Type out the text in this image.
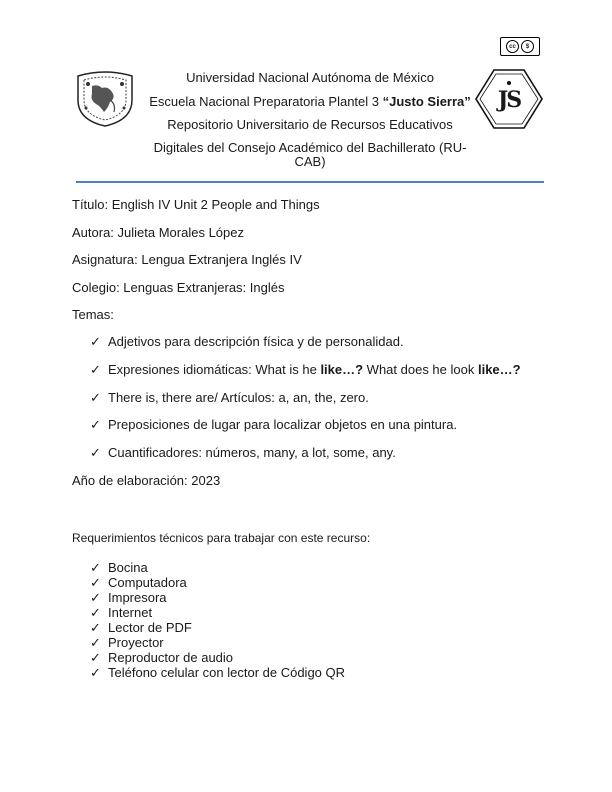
cc	$
JS
Universidad Nacional Autónoma de México
Escuela Nacional Preparatoria Plantel 3 “Justo Sierra”
Repositorio Universitario de Recursos Educativos
Digitales del Consejo Académico del Bachillerato (RU-
CAB)
Título: English IV Unit 2 People and Things
Autora: Julieta Morales López
Asignatura: Lengua Extranjera Inglés IV
Colegio: Lenguas Extranjeras: Inglés
Temas:
✓ Adjetivos para descripción física y de personalidad.
✓ Expresiones idiomáticas: What is he like…? What does he look like…?
✓ There is, there are/ Artículos: a, an, the, zero.
✓ Preposiciones de lugar para localizar objetos en una pintura.
✓ Cuantificadores: números, many, a lot, some, any.
Año de elaboración: 2023
Requerimientos técnicos para trabajar con este recurso:
✓ Bocina
✓ Computadora
✓ Impresora
✓ Internet
✓ Lector de PDF
✓ Proyector
✓ Reproductor de audio
✓ Teléfono celular con lector de Código QR
